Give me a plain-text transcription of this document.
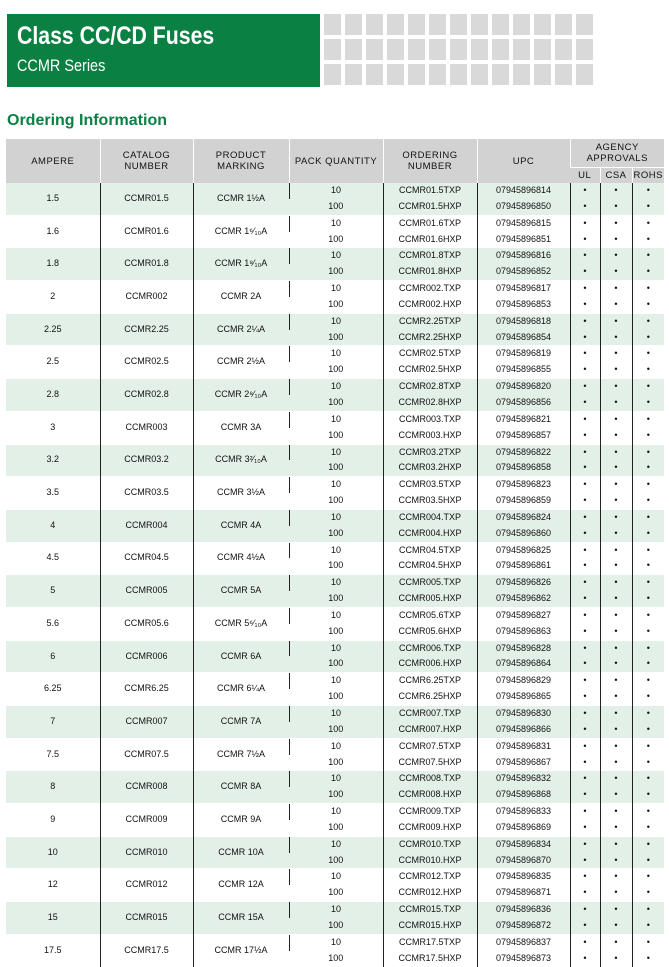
Class CC/CD Fuses
CCMR Series
Ordering Information
AMPERE	CATALOG NUMBER	PRODUCT MARKING	PACK QUANTITY	ORDERING NUMBER	UPC	AGENCY APPROVALS		
						UL	CSA	ROHS
1.5	CCMR01.5	CCMR 1½A	10	CCMR01.5TXP	07945896814	•	•	•
			100	CCMR01.5HXP	07945896850	•	•	•
1.6	CCMR01.6	CCMR 1⁶⁄₁₀A	10	CCMR01.6TXP	07945896815	•	•	•
			100	CCMR01.6HXP	07945896851	•	•	•
1.8	CCMR01.8	CCMR 1⁸⁄₁₀A	10	CCMR01.8TXP	07945896816	•	•	•
			100	CCMR01.8HXP	07945896852	•	•	•
2	CCMR002	CCMR 2A	10	CCMR002.TXP	07945896817	•	•	•
			100	CCMR002.HXP	07945896853	•	•	•
2.25	CCMR2.25	CCMR 2¼A	10	CCMR2.25TXP	07945896818	•	•	•
			100	CCMR2.25HXP	07945896854	•	•	•
2.5	CCMR02.5	CCMR 2½A	10	CCMR02.5TXP	07945896819	•	•	•
			100	CCMR02.5HXP	07945896855	•	•	•
2.8	CCMR02.8	CCMR 2⁸⁄₁₀A	10	CCMR02.8TXP	07945896820	•	•	•
			100	CCMR02.8HXP	07945896856	•	•	•
3	CCMR003	CCMR 3A	10	CCMR003.TXP	07945896821	•	•	•
			100	CCMR003.HXP	07945896857	•	•	•
3.2	CCMR03.2	CCMR 3²⁄₁₀A	10	CCMR03.2TXP	07945896822	•	•	•
			100	CCMR03.2HXP	07945896858	•	•	•
3.5	CCMR03.5	CCMR 3½A	10	CCMR03.5TXP	07945896823	•	•	•
			100	CCMR03.5HXP	07945896859	•	•	•
4	CCMR004	CCMR 4A	10	CCMR004.TXP	07945896824	•	•	•
			100	CCMR004.HXP	07945896860	•	•	•
4.5	CCMR04.5	CCMR 4½A	10	CCMR04.5TXP	07945896825	•	•	•
			100	CCMR04.5HXP	07945896861	•	•	•
5	CCMR005	CCMR 5A	10	CCMR005.TXP	07945896826	•	•	•
			100	CCMR005.HXP	07945896862	•	•	•
5.6	CCMR05.6	CCMR 5⁶⁄₁₀A	10	CCMR05.6TXP	07945896827	•	•	•
			100	CCMR05.6HXP	07945896863	•	•	•
6	CCMR006	CCMR 6A	10	CCMR006.TXP	07945896828	•	•	•
			100	CCMR006.HXP	07945896864	•	•	•
6.25	CCMR6.25	CCMR 6¼A	10	CCMR6.25TXP	07945896829	•	•	•
			100	CCMR6.25HXP	07945896865	•	•	•
7	CCMR007	CCMR 7A	10	CCMR007.TXP	07945896830	•	•	•
			100	CCMR007.HXP	07945896866	•	•	•
7.5	CCMR07.5	CCMR 7½A	10	CCMR07.5TXP	07945896831	•	•	•
			100	CCMR07.5HXP	07945896867	•	•	•
8	CCMR008	CCMR 8A	10	CCMR008.TXP	07945896832	•	•	•
			100	CCMR008.HXP	07945896868	•	•	•
9	CCMR009	CCMR 9A	10	CCMR009.TXP	07945896833	•	•	•
			100	CCMR009.HXP	07945896869	•	•	•
10	CCMR010	CCMR 10A	10	CCMR010.TXP	07945896834	•	•	•
			100	CCMR010.HXP	07945896870	•	•	•
12	CCMR012	CCMR 12A	10	CCMR012.TXP	07945896835	•	•	•
			100	CCMR012.HXP	07945896871	•	•	•
15	CCMR015	CCMR 15A	10	CCMR015.TXP	07945896836	•	•	•
			100	CCMR015.HXP	07945896872	•	•	•
17.5	CCMR17.5	CCMR 17½A	10	CCMR17.5TXP	07945896837	•	•	•
			100	CCMR17.5HXP	07945896873	•	•	•
